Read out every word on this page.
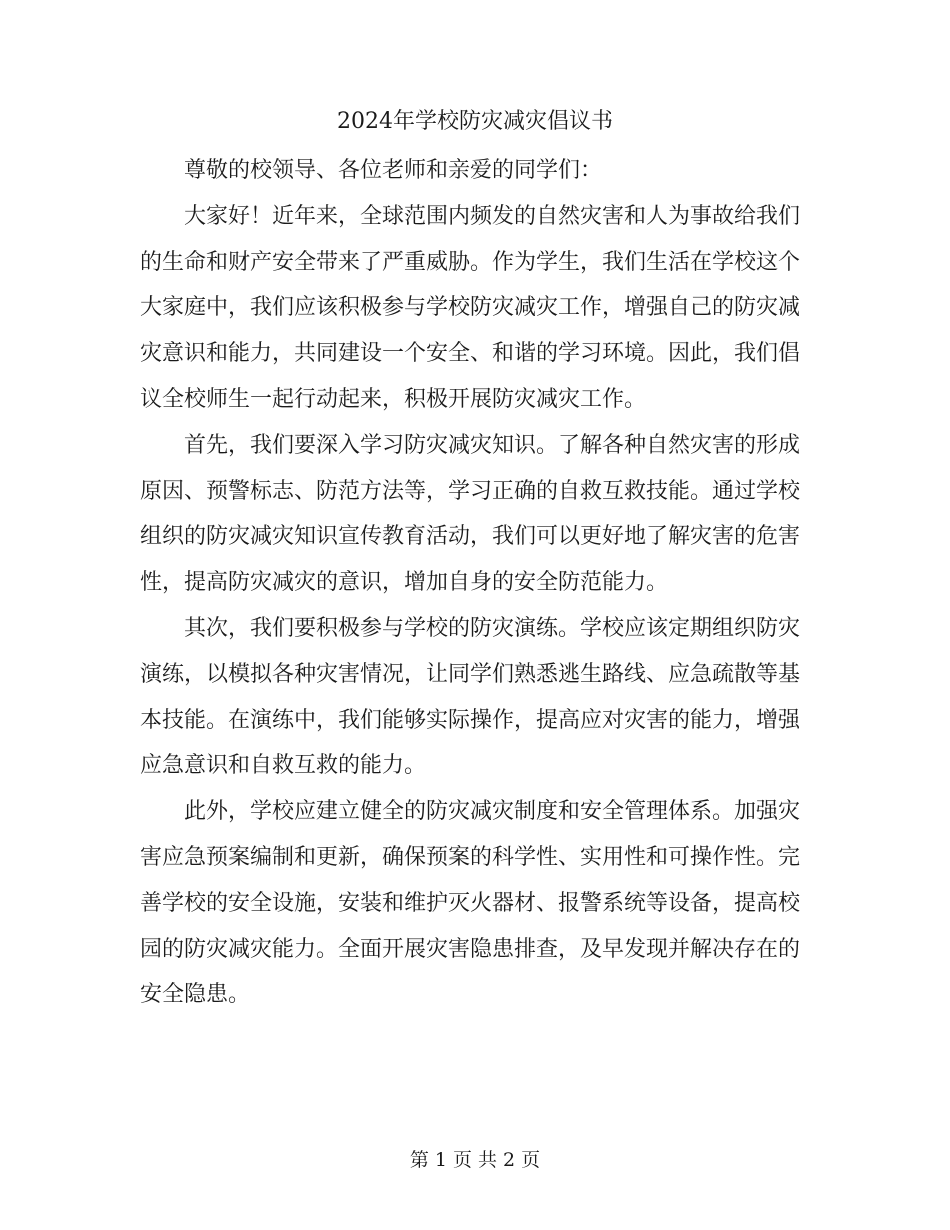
2024年学校防灾减灾倡议书

尊敬的校领导、各位老师和亲爱的同学们：

大家好！近年来，全球范围内频发的自然灾害和人为事故给我们的生命和财产安全带来了严重威胁。作为学生，我们生活在学校这个大家庭中，我们应该积极参与学校防灾减灾工作，增强自己的防灾减灾意识和能力，共同建设一个安全、和谐的学习环境。因此，我们倡议全校师生一起行动起来，积极开展防灾减灾工作。

首先，我们要深入学习防灾减灾知识。了解各种自然灾害的形成原因、预警标志、防范方法等，学习正确的自救互救技能。通过学校组织的防灾减灾知识宣传教育活动，我们可以更好地了解灾害的危害性，提高防灾减灾的意识，增加自身的安全防范能力。

其次，我们要积极参与学校的防灾演练。学校应该定期组织防灾演练，以模拟各种灾害情况，让同学们熟悉逃生路线、应急疏散等基本技能。在演练中，我们能够实际操作，提高应对灾害的能力，增强应急意识和自救互救的能力。

此外，学校应建立健全的防灾减灾制度和安全管理体系。加强灾害应急预案编制和更新，确保预案的科学性、实用性和可操作性。完善学校的安全设施，安装和维护灭火器材、报警系统等设备，提高校园的防灾减灾能力。全面开展灾害隐患排查，及早发现并解决存在的安全隐患。

第 1 页 共 2 页
